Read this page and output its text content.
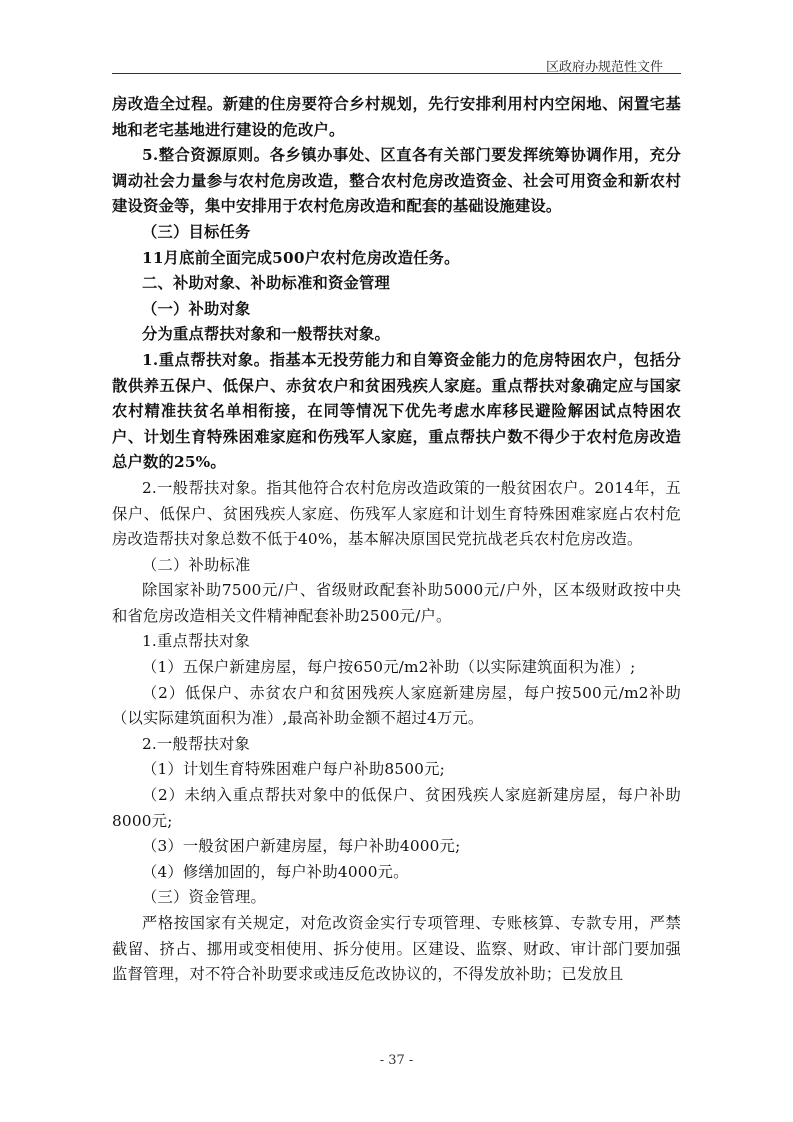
区政府办规范性文件

房改造全过程。新建的住房要符合乡村规划，先行安排利用村内空闲地、闲置宅基地和老宅基地进行建设的危改户。

5.整合资源原则。各乡镇办事处、区直各有关部门要发挥统筹协调作用，充分调动社会力量参与农村危房改造，整合农村危房改造资金、社会可用资金和新农村建设资金等，集中安排用于农村危房改造和配套的基础设施建设。

（三）目标任务

11月底前全面完成500户农村危房改造任务。

二、补助对象、补助标准和资金管理

（一）补助对象

分为重点帮扶对象和一般帮扶对象。

1.重点帮扶对象。指基本无投劳能力和自筹资金能力的危房特困农户，包括分散供养五保户、低保户、赤贫农户和贫困残疾人家庭。重点帮扶对象确定应与国家农村精准扶贫名单相衔接，在同等情况下优先考虑水库移民避险解困试点特困农户、计划生育特殊困难家庭和伤残军人家庭，重点帮扶户数不得少于农村危房改造总户数的25%。

2.一般帮扶对象。指其他符合农村危房改造政策的一般贫困农户。2014年，五保户、低保户、贫困残疾人家庭、伤残军人家庭和计划生育特殊困难家庭占农村危房改造帮扶对象总数不低于40%，基本解决原国民党抗战老兵农村危房改造。

（二）补助标准

除国家补助7500元/户、省级财政配套补助5000元/户外，区本级财政按中央和省危房改造相关文件精神配套补助2500元/户。

1.重点帮扶对象

（1）五保户新建房屋，每户按650元/m2补助（以实际建筑面积为准）;

（2）低保户、赤贫农户和贫困残疾人家庭新建房屋，每户按500元/m2补助（以实际建筑面积为准）,最高补助金额不超过4万元。

2.一般帮扶对象

（1）计划生育特殊困难户每户补助8500元;

（2）未纳入重点帮扶对象中的低保户、贫困残疾人家庭新建房屋，每户补助8000元;

（3）一般贫困户新建房屋，每户补助4000元;

（4）修缮加固的，每户补助4000元。

（三）资金管理。

严格按国家有关规定，对危改资金实行专项管理、专账核算、专款专用，严禁截留、挤占、挪用或变相使用、拆分使用。区建设、监察、财政、审计部门要加强监督管理，对不符合补助要求或违反危改协议的，不得发放补助；已发放且

- 37 -
